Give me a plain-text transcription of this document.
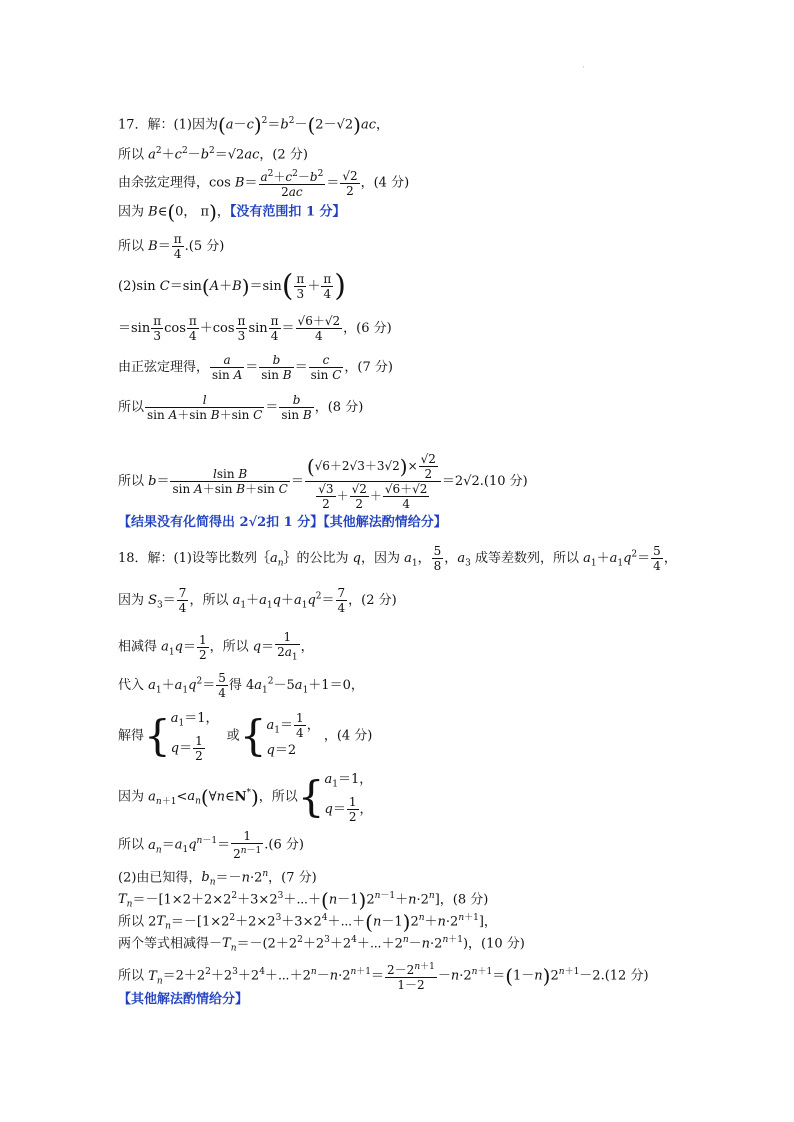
'
17．解：(1)因为$(a-c)^2=b^2-(2-√2)ac$，
所以 $a^2+c^2-b^2=√2ac$，(2 分)
由余弦定理得，$\cos B= \frac{a^2+c^2-b^2}{2ac} = \frac{√2}{2}$ ，(4 分)
因为 B∈(0， π)，【没有范围扣 1 分】
所以 $B= \frac{\pi}{4} .(5$ 分)
(2)sin $C=\sin(A+B)=\sin( \frac{\pi}{3} + \frac{\pi}{4}$ )
$=\sin \frac{\pi}{3}$ $\cos \frac{\pi}{4} +\cos \frac{\pi}{3}$ $\sin \frac{\pi}{4} = \frac{√6+√2}{4}$ ，(6 分)
由正弦定理得， $\frac{a}{\text{sin A}} = \frac{b}{\text{sin B}} = \frac{c}{\text{sin C}}$ ，(7 分)
所以 $\frac{l}{\text{sin A＋sin B＋sin C}} = \frac{b}{\text{sin B}}$ ，(8 分)
所以 $b= \frac{\text{lsin B}}{\text{sin A＋sin B＋sin C}} = \frac{(√6+2√3+3√2)\times \frac{√2}{2}}{\frac{√3}{2} + \frac{√2}{2} + \frac{√6+√2}{4}} =2√2.(10$ 分)
【结果没有化简得出 2√2扣 1 分】【其他解法酌情给分】
18．解：(1)设等比数列$\{a_n\}$的公比为 q，因为 $a_1$， $\frac{5}{8}$ ，$a_3$ 成等差数列，所以 $a_1+a_1q^2= \frac{5}{4}$ ，
因为 $S_3= \frac{7}{4}$ ，所以 $a_1+a_1q+a_1q^2= \frac{7}{4}$ ，(2 分)
相减得 $a_1q= \frac{1}{2}$ ，所以 $q= \frac{1}{2a_1}$ ，
代入 $a_1+a_1q^2= \frac{5}{4}$ 得 $4a_1^2-5a_1+1=0$，
解得{ $a_1=1$，
$q= \frac{1}{2}$ 或{ $a_1= \frac{1}{4}$ ，
q＝2
，(4 分)
因为 $a_{n+1}<a_n(\forall n\in N^*)$，所以{ $a_1=1$，
$q= \frac{1}{2}$ ，
所以 $a_n=a_1q^{n-1}= \frac{1}{2^{n-1}} .(6$ 分)
(2)由已知得，$b_n=-n\cdot 2^n$，(7 分)
$T_n=-[1\times 2+2\times 2^2+3\times 2^3+\cdots+(n-1)2^{n-1}+n\cdot 2^n]$，(8 分)
所以 $2T_n=-[1\times 2^2+2\times 2^3+3\times 2^4+\cdots+(n-1)2^n+n\cdot 2^{n+1}]$，
两个等式相减得$-T_n=-(2+2^2+2^3+2^4+\cdots+2^n-n\cdot 2^{n+1})$，(10 分)
所以 $T_n=2+2^2+2^3+2^4+\cdots+2^n-n\cdot 2^{n+1}= \frac{2-2^{n+1}}{1-2} -n\cdot 2^{n+1}=(1-n)2^{n+1}-2.(12$ 分)
【其他解法酌情给分】
